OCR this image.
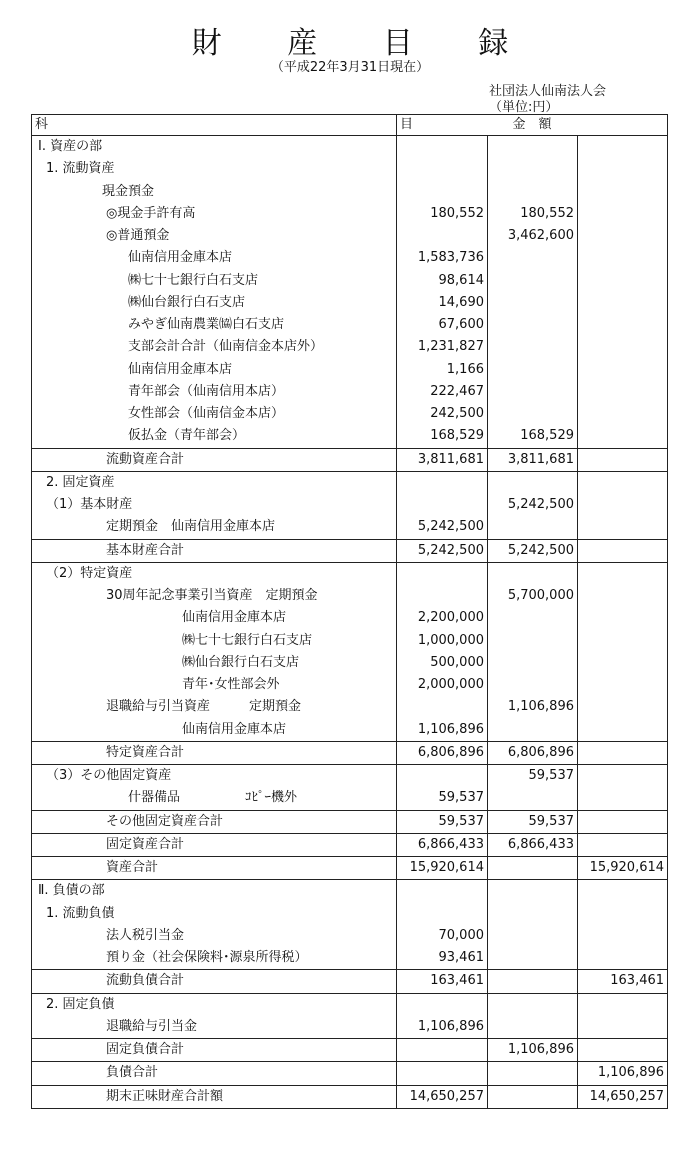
財 産 目 録
（平成22年3月31日現在）
社団法人仙南法人会
（単位:円）
科　　　　目	金　額		
Ⅰ. 資産の部			
1. 流動資産			
現金預金			
◎現金手許有高	180,552	180,552	
◎普通預金		3,462,600	
仙南信用金庫本店	1,583,736		
㈱七十七銀行白石支店	98,614		
㈱仙台銀行白石支店	14,690		
みやぎ仙南農業㈿白石支店	67,600		
支部会計合計（仙南信金本店外）	1,231,827		
仙南信用金庫本店	1,166		
青年部会（仙南信用本店）	222,467		
女性部会（仙南信金本店）	242,500		
仮払金（青年部会）	168,529	168,529	
流動資産合計	3,811,681	3,811,681	
2. 固定資産			
（1）基本財産		5,242,500	
定期預金　仙南信用金庫本店	5,242,500		
基本財産合計	5,242,500	5,242,500	
（2）特定資産			
30周年記念事業引当資産　定期預金		5,700,000	
仙南信用金庫本店	2,200,000		
㈱七十七銀行白石支店	1,000,000		
㈱仙台銀行白石支店	500,000		
青年･女性部会外	2,000,000		
退職給与引当資産　　　定期預金		1,106,896	
仙南信用金庫本店	1,106,896		
特定資産合計	6,806,896	6,806,896	
（3）その他固定資産		59,537	
什器備品　　　　　ｺﾋﾟｰ機外	59,537		
その他固定資産合計	59,537	59,537	
固定資産合計	6,866,433	6,866,433	
資産合計	15,920,614		15,920,614
Ⅱ. 負債の部			
1. 流動負債			
法人税引当金	70,000		
預り金（社会保険料･源泉所得税）	93,461		
流動負債合計	163,461		163,461
2. 固定負債			
退職給与引当金	1,106,896		
固定負債合計		1,106,896	
負債合計			1,106,896
期末正味財産合計額	14,650,257		14,650,257
